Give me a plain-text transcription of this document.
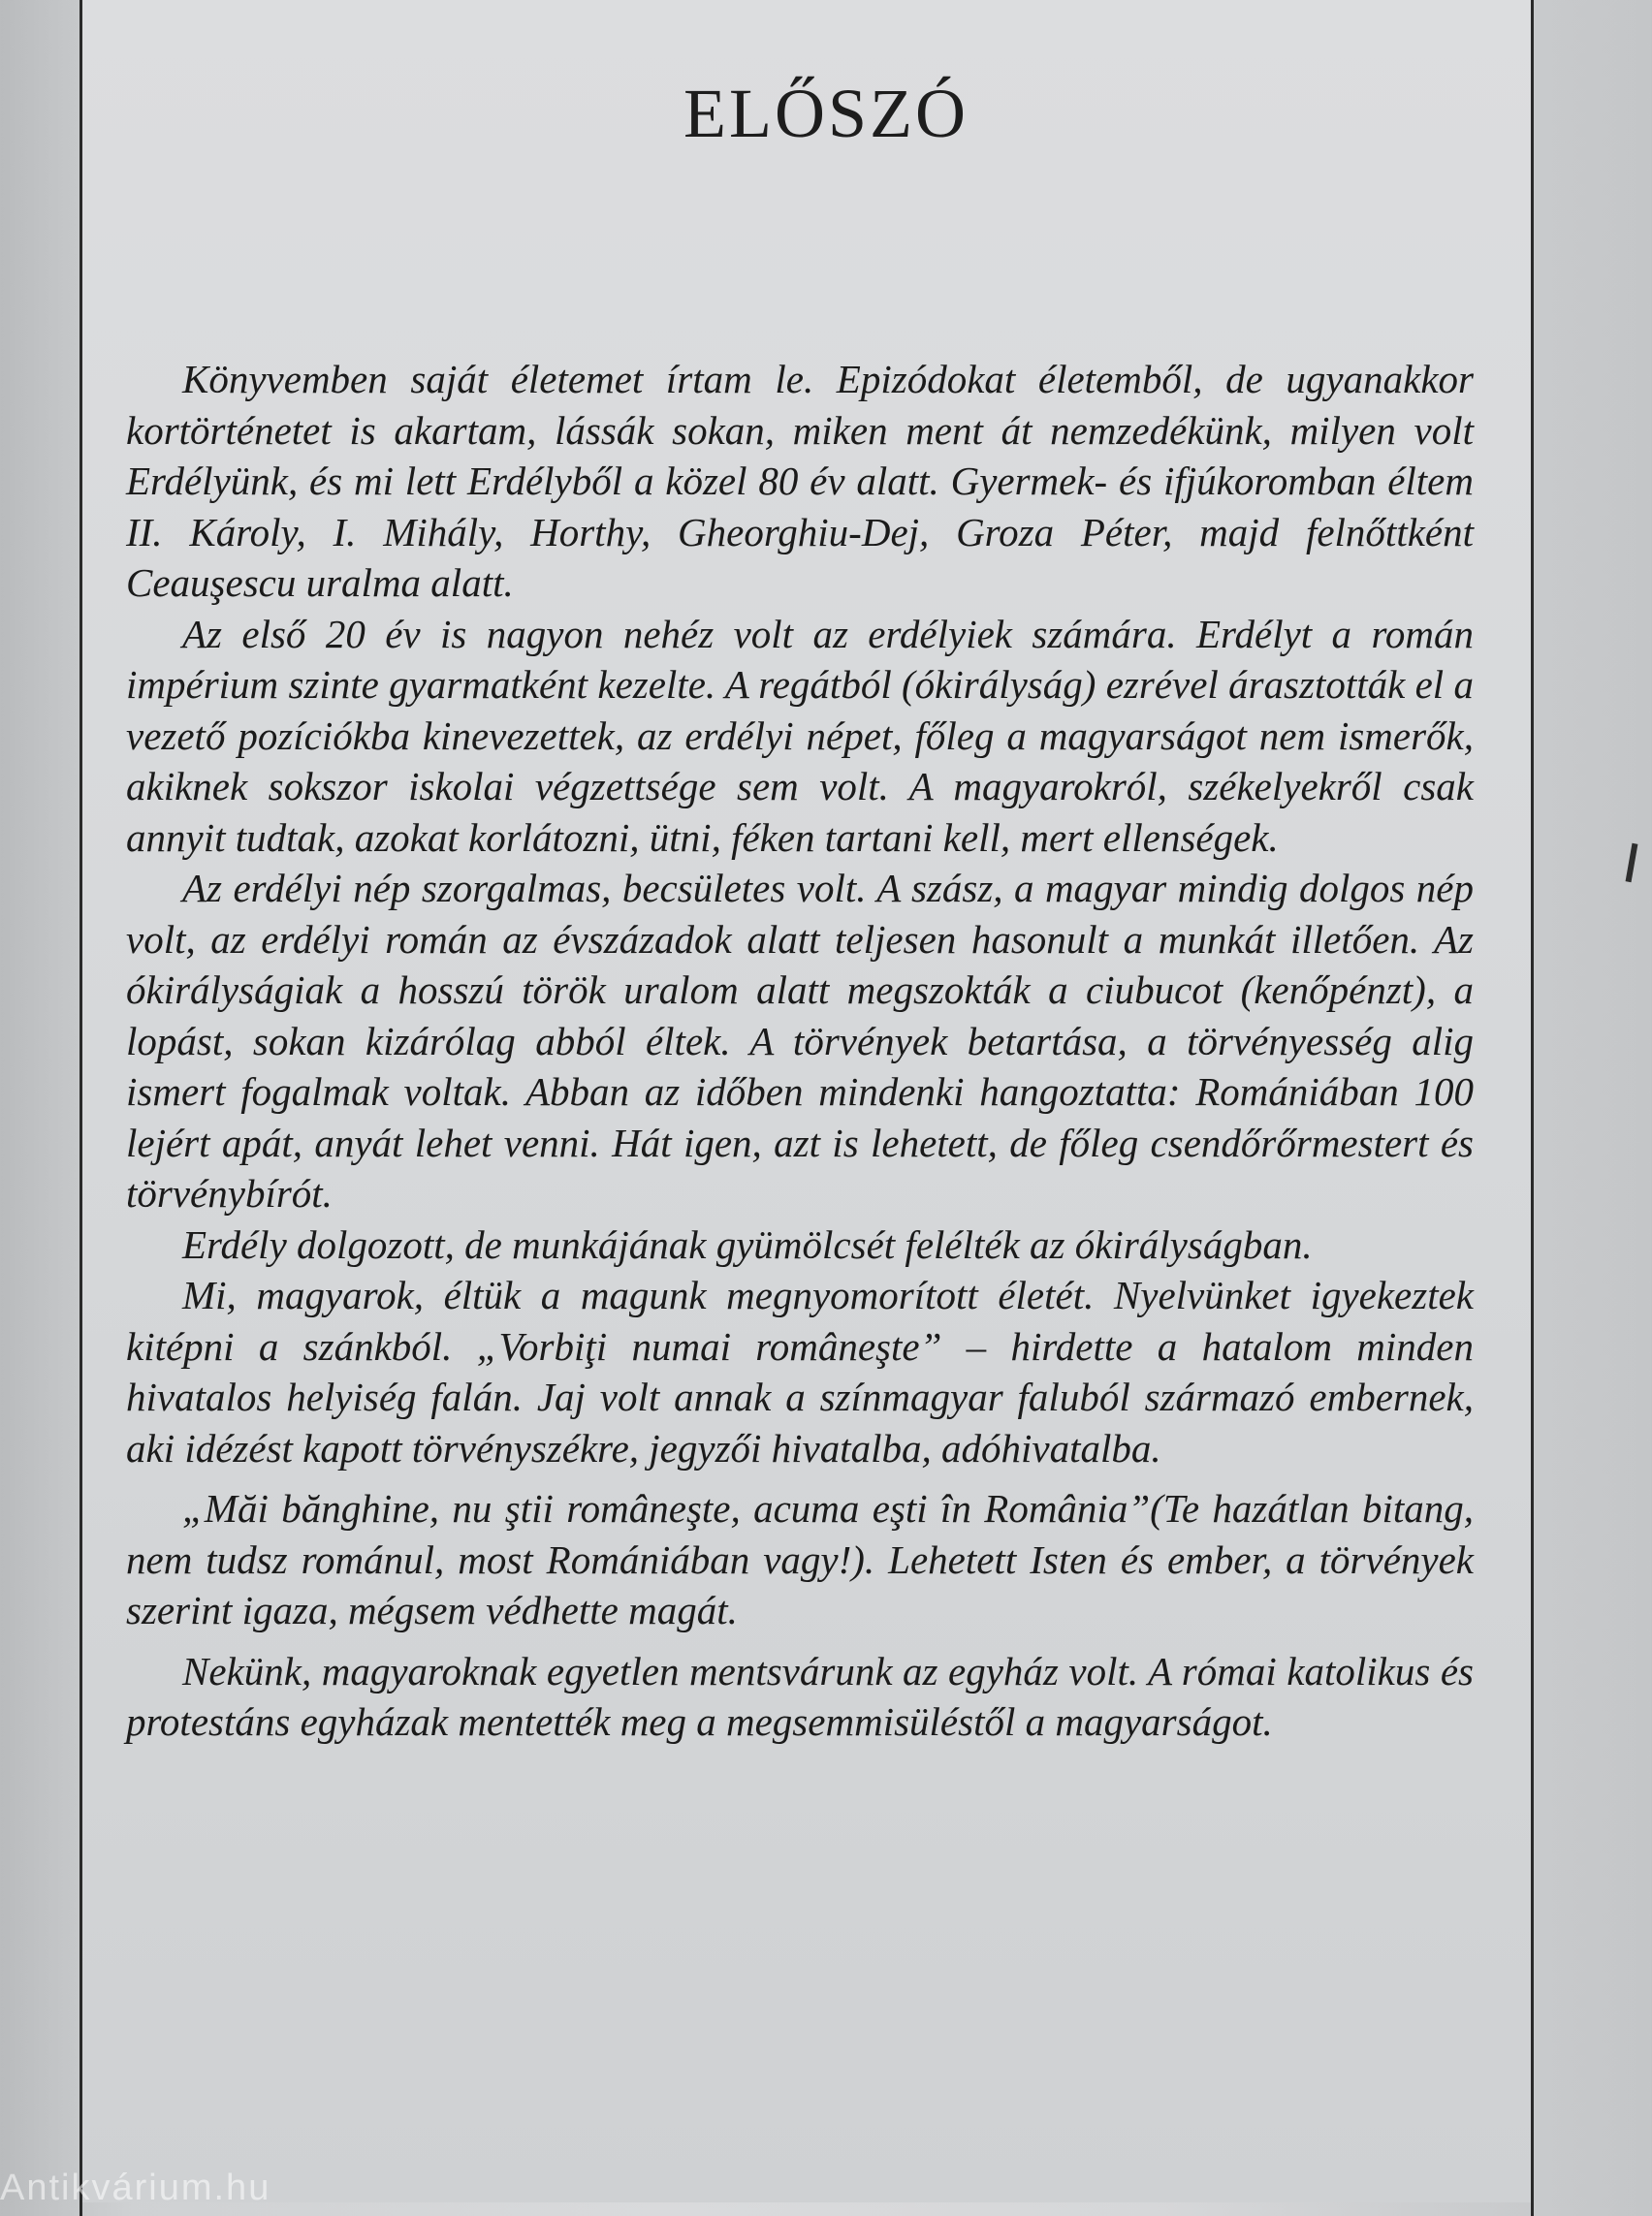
ELŐSZÓ

Könyvemben saját életemet írtam le. Epizódokat életemből, de ugyanakkor kortörténetet is akartam, lássák sokan, miken ment át nemzedékünk, milyen volt Erdélyünk, és mi lett Erdélyből a közel 80 év alatt. Gyermek- és ifjúkoromban éltem II. Károly, I. Mihály, Horthy, Gheorghiu-Dej, Groza Péter, majd felnőttként Ceauşescu uralma alatt.

Az első 20 év is nagyon nehéz volt az erdélyiek számára. Erdélyt a román impérium szinte gyarmatként kezelte. A regátból (ókirályság) ezrével árasztották el a vezető pozíciókba kinevezettek, az erdélyi népet, főleg a magyarságot nem ismerők, akiknek sokszor iskolai végzettsége sem volt. A magyarokról, székelyekről csak annyit tudtak, azokat korlátozni, ütni, féken tartani kell, mert ellenségek.

Az erdélyi nép szorgalmas, becsületes volt. A szász, a magyar mindig dolgos nép volt, az erdélyi román az évszázadok alatt teljesen hasonult a munkát illetően. Az ókirályságiak a hosszú török uralom alatt megszokták a ciubucot (kenőpénzt), a lopást, sokan kizárólag abból éltek. A törvények betartása, a törvényesség alig ismert fogalmak voltak. Abban az időben mindenki hangoztatta: Romániában 100 lejért apát, anyát lehet venni. Hát igen, azt is lehetett, de főleg csendőrőrmestert és törvénybírót.

Erdély dolgozott, de munkájának gyümölcsét felélték az ókirályságban.

Mi, magyarok, éltük a magunk megnyomorított életét. Nyelvünket igyekeztek kitépni a szánkból. „Vorbiţi numai româneşte” – hirdette a hatalom minden hivatalos helyiség falán. Jaj volt annak a színmagyar faluból származó embernek, aki idézést kapott törvényszékre, jegyzői hivatalba, adóhivatalba.

„Măi bănghine, nu ştii româneşte, acuma eşti în România”(Te hazátlan bitang, nem tudsz románul, most Romániában vagy!). Lehetett Isten és ember, a törvények szerint igaza, mégsem védhette magát.

Nekünk, magyaroknak egyetlen mentsvárunk az egyház volt. A római katolikus és protestáns egyházak mentették meg a megsemmisüléstől a magyarságot.

Antikvárium.hu
